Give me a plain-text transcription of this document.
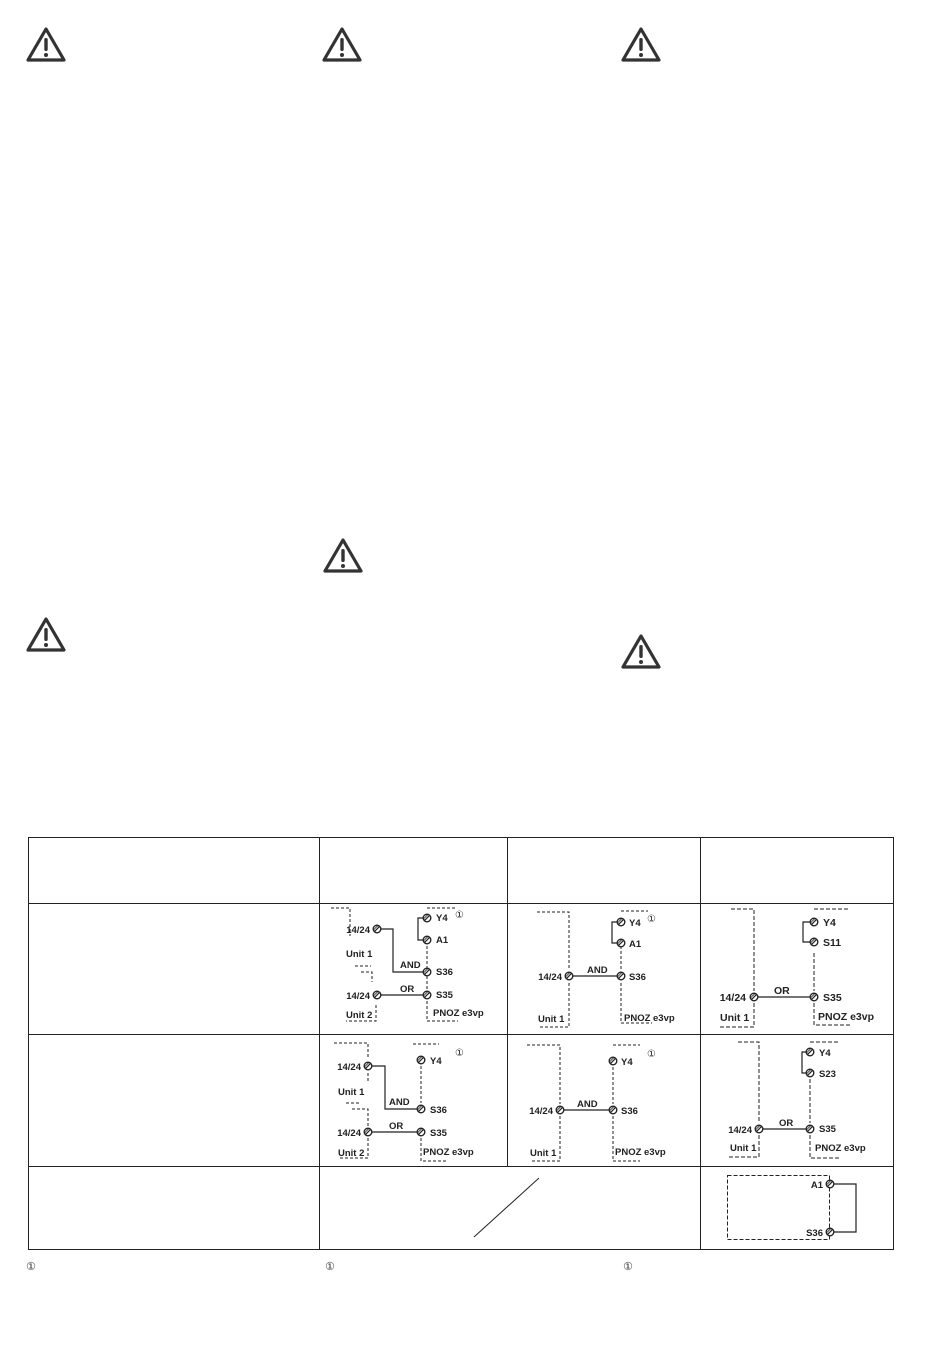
14/24
Unit 1
14/24
Unit 2
AND
OR
Y4
A1
S36
S35
PNOZ e3vp
①
14/24
Unit 1
AND
Y4
A1
S36
PNOZ e3vp
①
14/24
Unit 1
OR
Y4
S11
S35
PNOZ e3vp
14/24
Unit 1
14/24
Unit 2
AND
OR
Y4
S36
S35
PNOZ e3vp
①
14/24
Unit 1
AND
Y4
S36
PNOZ e3vp
①
14/24
Unit 1
OR
Y4
S23
S35
PNOZ e3vp
A1
S36
①	①	①
